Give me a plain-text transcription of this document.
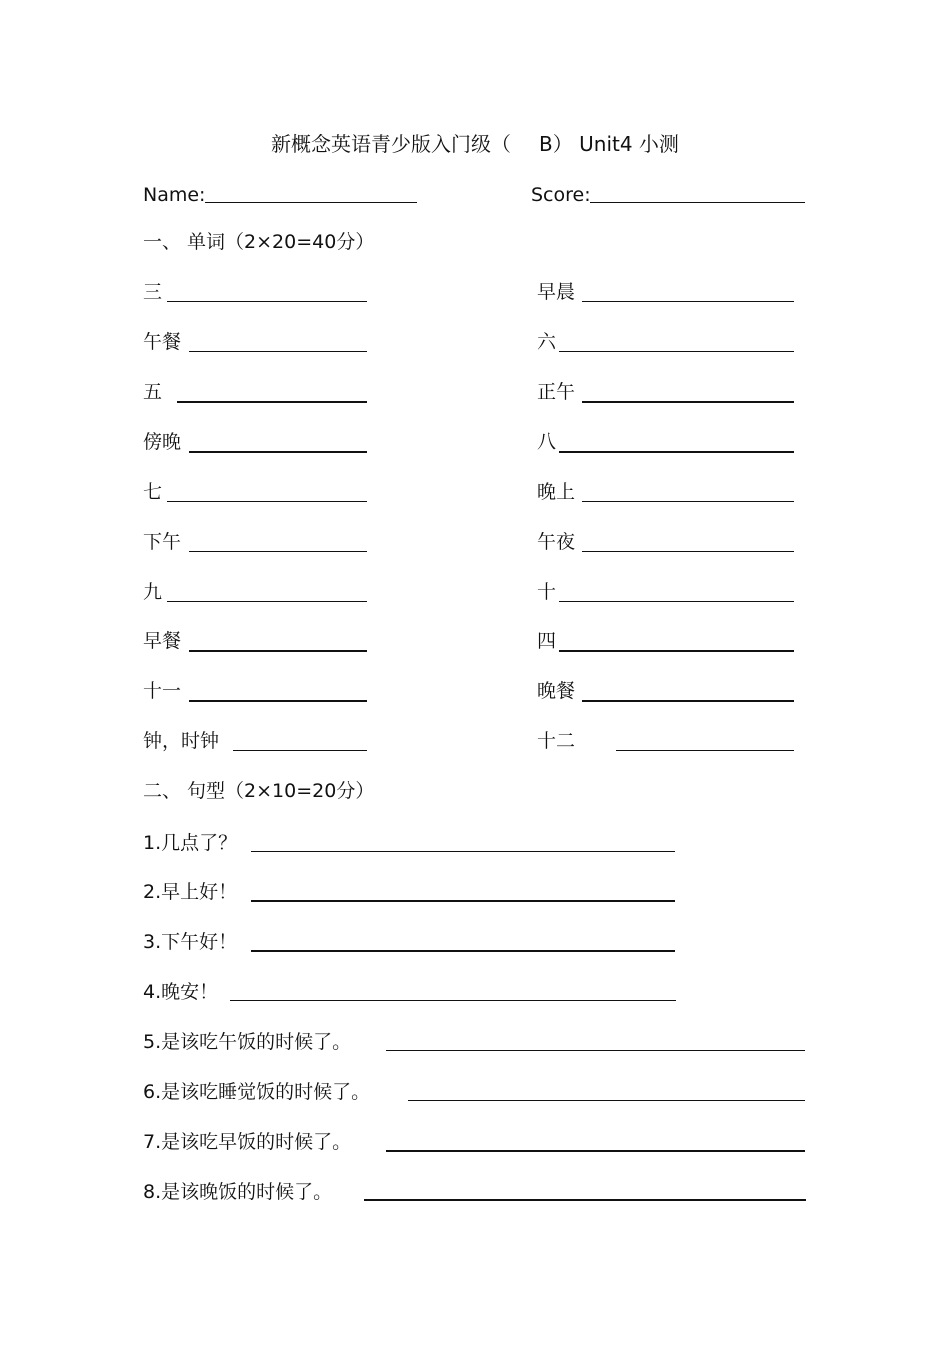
新概念英语青少版入门级（ B） Unit4 小测
Name:	Score:
一、 单词（2×20=40分）
三
午餐
五
傍晚
七
下午
九
早餐
十一
钟，时钟
早晨
六
正午
八
晚上
午夜
十
四
晚餐
十二
二、 句型（2×10=20分）
1.几点了？
2.早上好！
3.下午好！
4.晚安！
5.是该吃午饭的时候了。
6.是该吃睡觉饭的时候了。
7.是该吃早饭的时候了。
8.是该晚饭的时候了。
